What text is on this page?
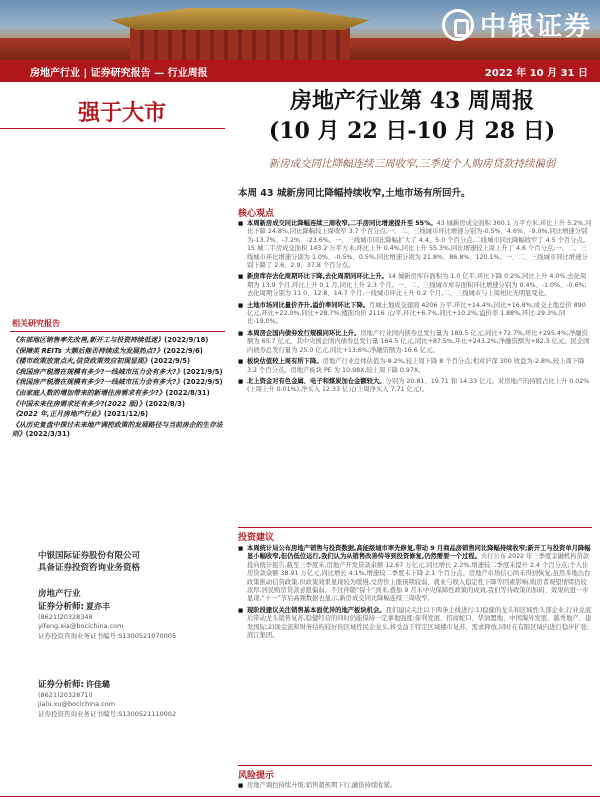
中银证券
房地产行业 | 证券研究报告 — 行业周报	2022 年 10 月 31 日
强于大市	房地产行业第 43 周周报
(10 月 22 日-10 月 28 日)
新房成交同比降幅连续三周收窄,三季度个人购房贷款持续偏弱
本周 43 城新房同比降幅持续收窄,土地市场有所回升。
核心观点
■ 本周新房成交同比降幅连续三周收窄,二手房同比增速提升至 55%。43 城新房成交面积 360.1 万平方米,环比上升 5.2%,同比下降 24.8%,同比降幅较上周收窄 3.7 个百分点;一、二、三线城市环比增速分别为-0.5%、4.6%、-9.0%,同比增速分别为-13.7%、-7.2%、-23.6%。一、三线城市同比降幅扩大了 4.4、5.0 个百分点,二线城市同比降幅收窄了 4.5 个百分点。15 城二手房成交面积 143.2 万平方米,环比上升 0.4%,同比上升 55.3%,同比增速较上周上升了 4.6 个百分点;一、二、三线城市环比增速分别为 1.0%、-0.5%、0.5%,同比增速分别为 21.8%、86.8%、120.1%。一、二、三线城市同比增速分别下降了 2.6、2.9、37.8 个百分点。
■ 新房库存去化周期环比下降,去化周期同环比上升。14 城新房库存面积为 1.0 亿平,环比下降 0.2%,同比上升 4.0%,去化周期为 13.9 个月,环比上升 0.1 月,同比上升 2.3 个月。一、二、三线城市库存面积环比增速分别为 0.4%、-1.0%、-0.6%;去化周期分别为 11.0、12.8、14.7 个月,一线城市环比上升 0.2 个月,二、三线城市与上周相比无明显变化。
■ 土地市场同比量价齐升,溢价率同环比下降。百城土地成交建面 4206 万平,环比+14.4%,同比+16.8%;成交土地总价 890 亿元,环比+22.0%,同比+28.7%;楼面均价 2116 元/平,环比+6.7%,同比+10.2%;溢价率 1.88%,环比-29.3%,同比-19.0%。
■ 本周房企国内债券发行规模同环比上升。房地产行业国内债券总发行量为 189.5 亿元,同比+72.7%,环比+295.4%;净融资额为 65.7 亿元。其中央国企国内债券总发行量 164.5 亿元,同比+87.5%,环比+243.2%;净融资额为+82.3 亿元。民企国内债券总发行量为 25.0 亿元,同比+13.6%;净融资额为-16.6 亿元。
■ 板块估值较上周有所下降。房地产行业总体估值为-8.2%,较上周下降 8 个百分点;相对沪深 300 收益为-2.8%,较上周下降 3.2 个百分点。房地产板块 PE 为 10.98X,较上周下降 0.97X。
■ 北上资金对有色金属、电子和煤炭加仓金额较大。分别为 20.81、19.71 和 14.33 亿元。对房地产的持股占比上升 0.02%(上周上升 0.01%),净买入 12.33 亿元(上周净买入 7.71 亿元)。
投资建议
■ 本周统计局公布房地产销售与投资数据,高能级城市率先修复,带动 9 月商品房销售同比降幅持续收窄;新开工与投资单月降幅显小幅收窄,但仍低位运行,我们认为从销售改善传导到投资修复,仍然需要一个过程。央行公布 2022 年三季度金融机构贷款投向统计报告,截至三季度末,房地产开发贷款余额 12.67 万亿元,同比增长 2.2%,增速较二季度末提升 2.4 个百分点;个人住房贷款余额 38.91 万亿元,同比增长 4.1%,增速较二季度末下降 2.1 个百分点。房地产市场信心尚未得到恢复,虽然多地出台政策推动信贷政策,但政策效果显现较为缓慢,受房价上涨预期较弱、就业与收入稳定性下降等因素影响,购房者观望情绪仍较浓厚,居民购房贷款意愿偏弱。不过伴随“保十”到来,叠加 9 月末中央保障性政策的成效,我们等待政策的加码、效果的进一步显现,“十一”节后高频数据也显示,新房成交同比降幅连续三周收窄。
■ 现阶段建议关注销售基本面优异的地产板块机会。我们建议关注以下两条主线进行:1)稳健的龙头和区域性头部企业,行业兑底后带动龙头销售复苏,稳健经营的同时仍能保持一定拿地强度:保利发展、招商蛇口、华润置地、中国海外发展、越秀地产、建发国际;2)现金流和财务结构较好的区域性民企龙头,将受益于特定区域楼市复苏、需求释放,同时在有限区域内进行稳步扩张:滨江集团。
风险提示
■ 房地产调控持续升级;销售超预期下行;融资持续收紧。
相关研究报告
《东部地区销售率先改善,新开工与投资持续低迷》(2022/9/18)
《保障类 REITs 大额后能否持续成为发展热点?》(2022/9/6)
《楼市政策放宽点火,信贷政策效应初现显现》(2022/9/5)
《我国房产税潜在规模有多少?一线城市压力会有多大?》(2021/9/5)
《我国房产税潜在规模有多少?一线城市压力会有多大?》(2022/9/5)
《由家庭人数的增加带来的新增住房需求有多少?》(2022/8/31)
《中国未来住房需求还有多少?(2022 版)》(2022/8/3)
《2022 年,正月房地产行业》(2021/12/6)
《从历史复盘中探讨未来地产调控政策的发展路径与当前房企的生存法则》(2022/3/31)
中银国际证券股份有限公司
具备证券投资咨询业务资格
房地产行业
证券分析师: 夏亦丰
(8621)20328348
yifeng.xia@bocichina.com
证券投资咨询业务证书编号:S1300521070005
证券分析师: 许佳璐
(8621)20328710
jialu.xu@bocichina.com
证券投资咨询业务证书编号:S1300521110002
